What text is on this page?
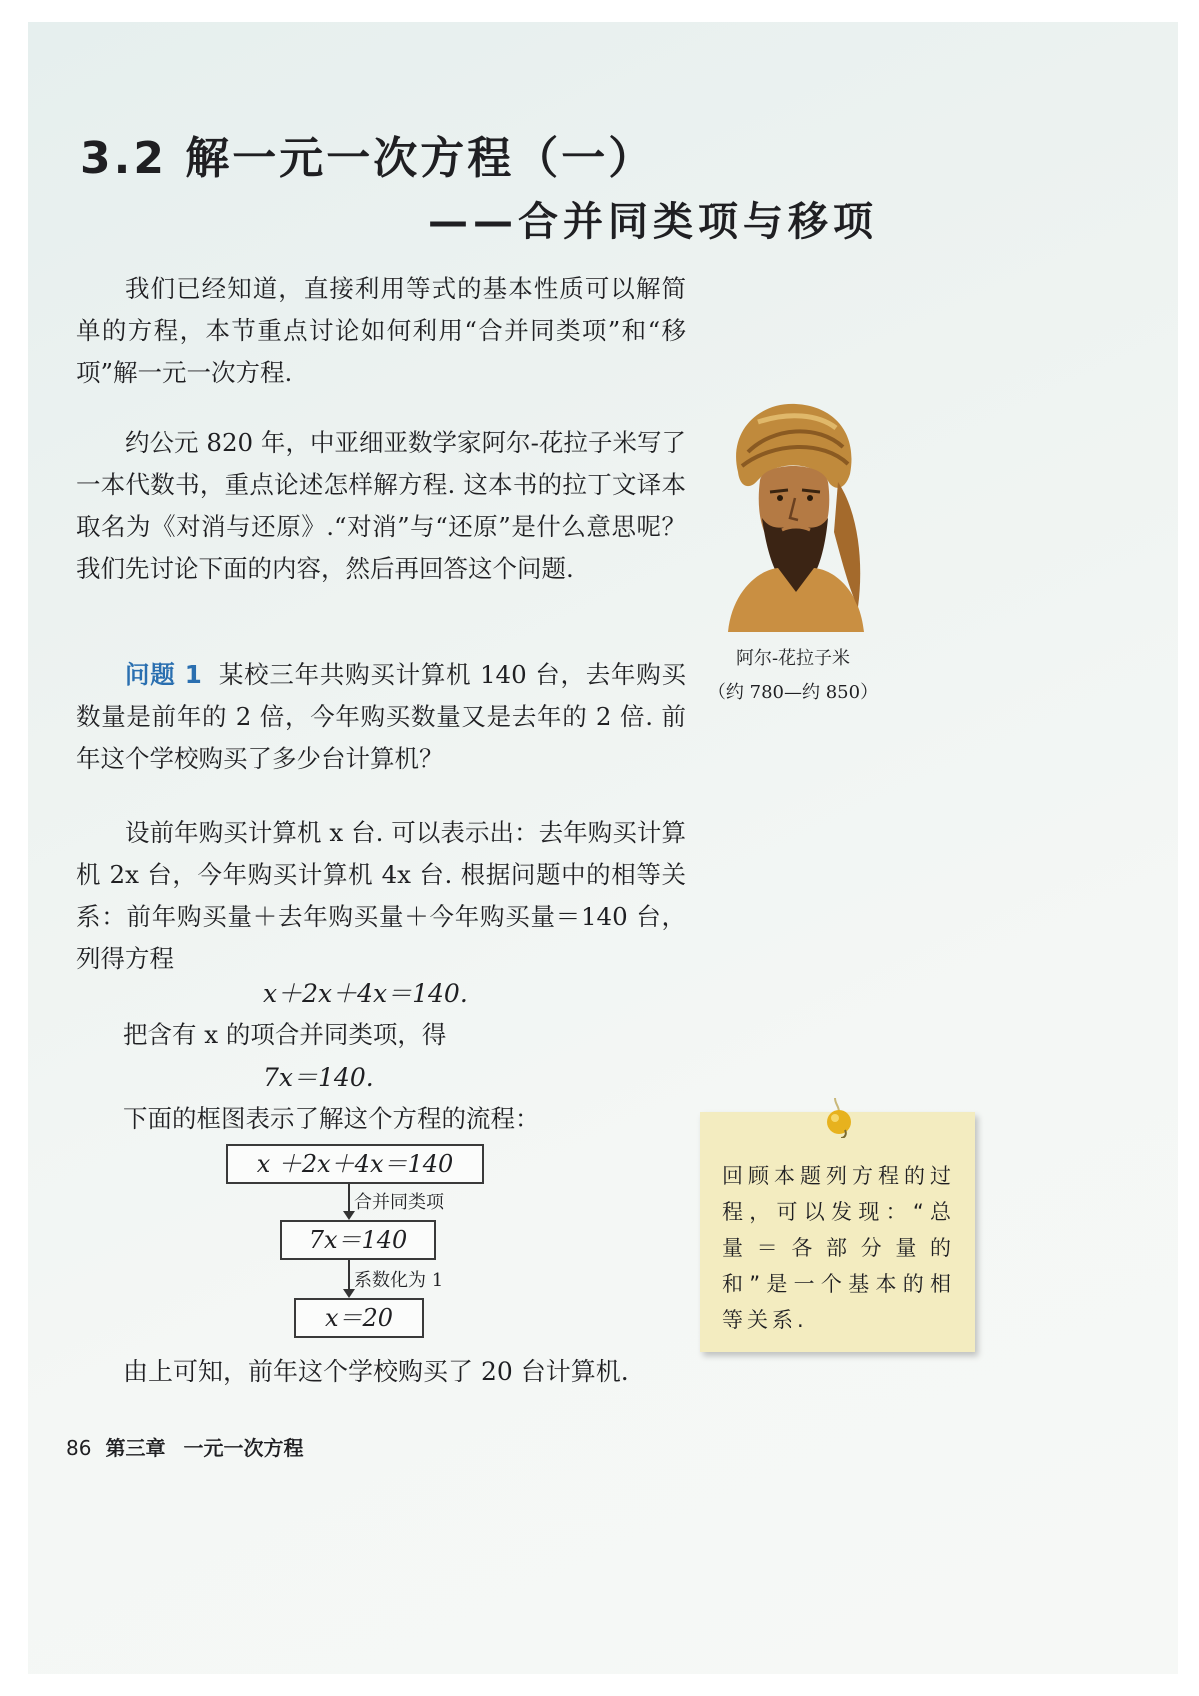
3.2 解一元一次方程（一）
——合并同类项与移项

我们已经知道，直接利用等式的基本性质可以解简单的方程，本节重点讨论如何利用“合并同类项”和“移项”解一元一次方程.

约公元 820 年，中亚细亚数学家阿尔-花拉子米写了一本代数书，重点论述怎样解方程. 这本书的拉丁文译本取名为《对消与还原》.“对消”与“还原”是什么意思呢？我们先讨论下面的内容，然后再回答这个问题.

阿尔-花拉子米
（约 780—约 850）

问题 1 某校三年共购买计算机 140 台，去年购买数量是前年的 2 倍，今年购买数量又是去年的 2 倍. 前年这个学校购买了多少台计算机？

设前年购买计算机 x 台. 可以表示出：去年购买计算机 2x 台，今年购买计算机 4x 台. 根据问题中的相等关系：前年购买量＋去年购买量＋今年购买量＝140 台，列得方程

x＋2x＋4x＝140.
把含有 x 的项合并同类项，得
7x＝140.
下面的框图表示了解这个方程的流程：
x ＋2x＋4x＝140
合并同类项
7x＝140
系数化为 1
x＝20
由上可知，前年这个学校购买了 20 台计算机.
回顾本题列方程的过程，可以发现：“总量＝各部分量的和”是一个基本的相等关系.
86 第三章 一元一次方程
